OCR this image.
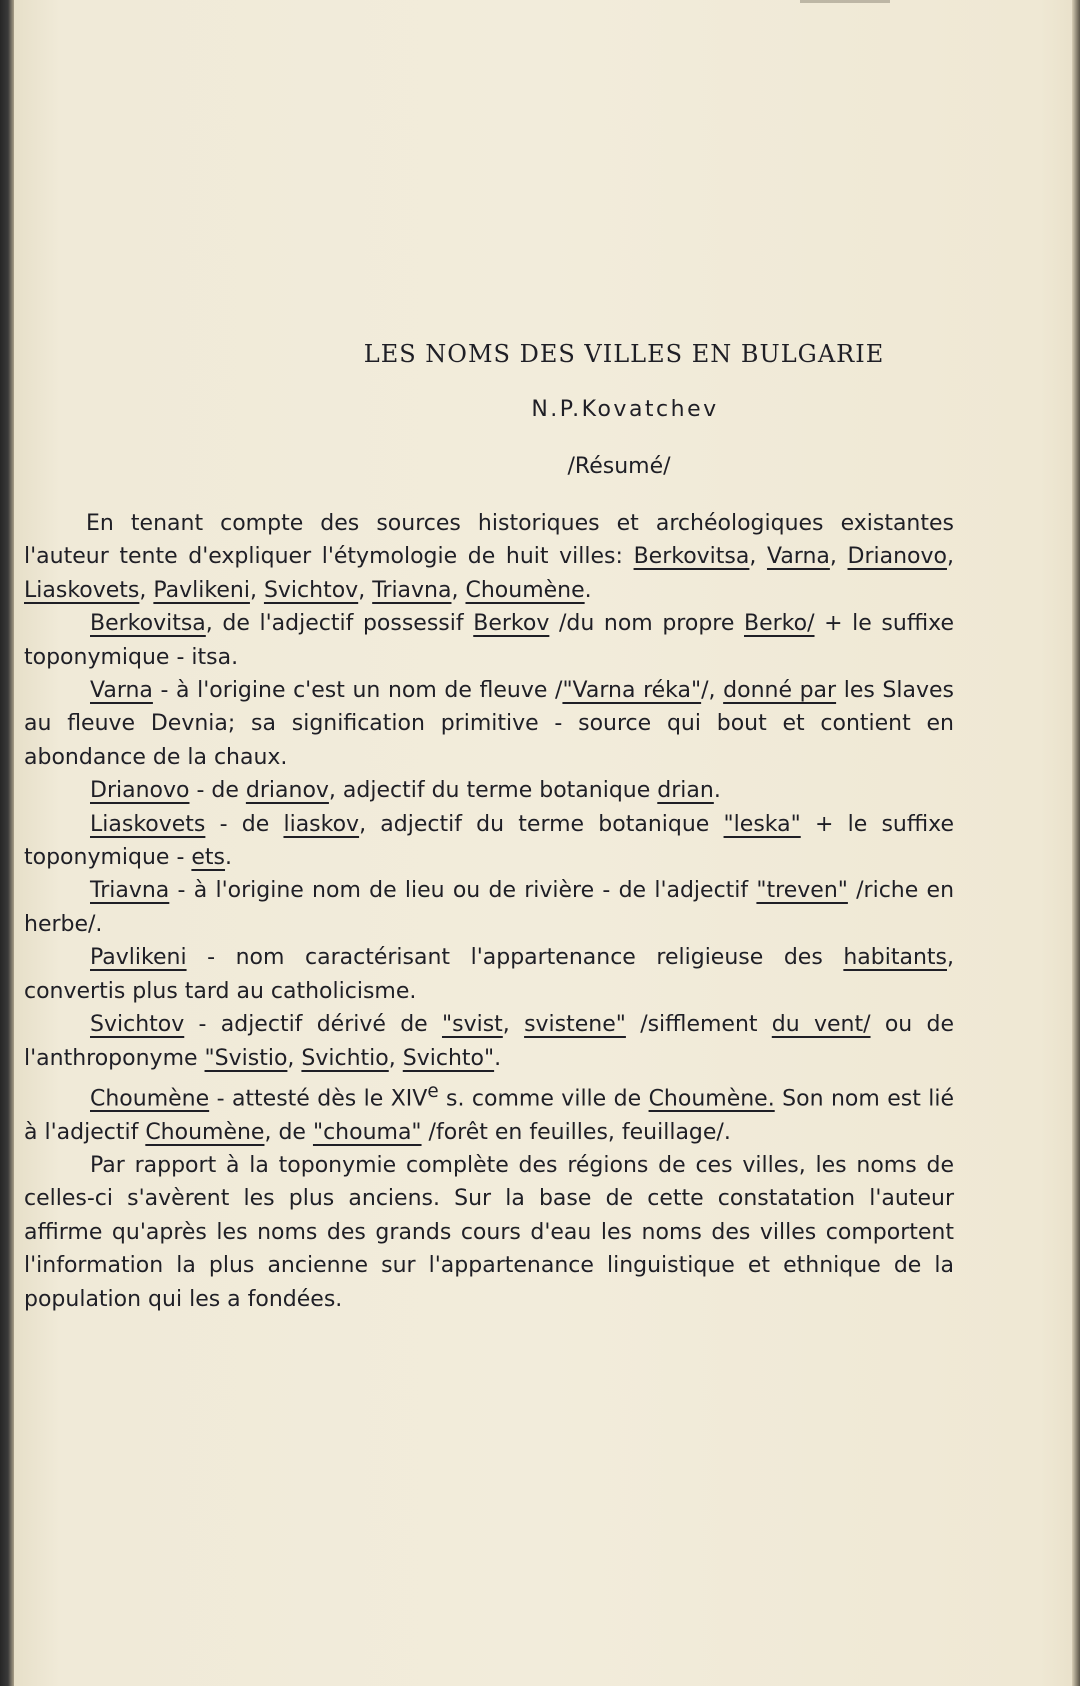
LES NOMS DES VILLES EN BULGARIE
N.P.Kovatchev
/Résumé/

En tenant compte des sources historiques et archéologiques existantes l'auteur tente d'expliquer l'étymologie de huit villes: Berkovitsa, Varna, Drianovo, Liaskovets, Pavlikeni, Svichtov, Triavna, Choumène.

Berkovitsa, de l'adjectif possessif Berkov /du nom propre Berko/ + le suffixe toponymique - itsa.

Varna - à l'origine c'est un nom de fleuve /"Varna réka"/, donné par les Slaves au fleuve Devnia; sa signification primitive - source qui bout et contient en abondance de la chaux.

Drianovo - de drianov, adjectif du terme botanique drian.

Liaskovets - de liaskov, adjectif du terme botanique "leska" + le suffixe toponymique - ets.

Triavna - à l'origine nom de lieu ou de rivière - de l'adjectif "treven" /riche en herbe/.

Pavlikeni - nom caractérisant l'appartenance religieuse des habitants, convertis plus tard au catholicisme.

Svichtov - adjectif dérivé de "svist, svistene" /sifflement du vent/ ou de l'anthroponyme "Svistio, Svichtio, Svichto".

Choumène - attesté dès le XIVe s. comme ville de Choumène. Son nom est lié à l'adjectif Choumène, de "chouma" /forêt en feuilles, feuillage/.

Par rapport à la toponymie complète des régions de ces villes, les noms de celles-ci s'avèrent les plus anciens. Sur la base de cette constatation l'auteur affirme qu'après les noms des grands cours d'eau les noms des villes comportent l'information la plus ancienne sur l'appartenance linguistique et ethnique de la population qui les a fondées.
